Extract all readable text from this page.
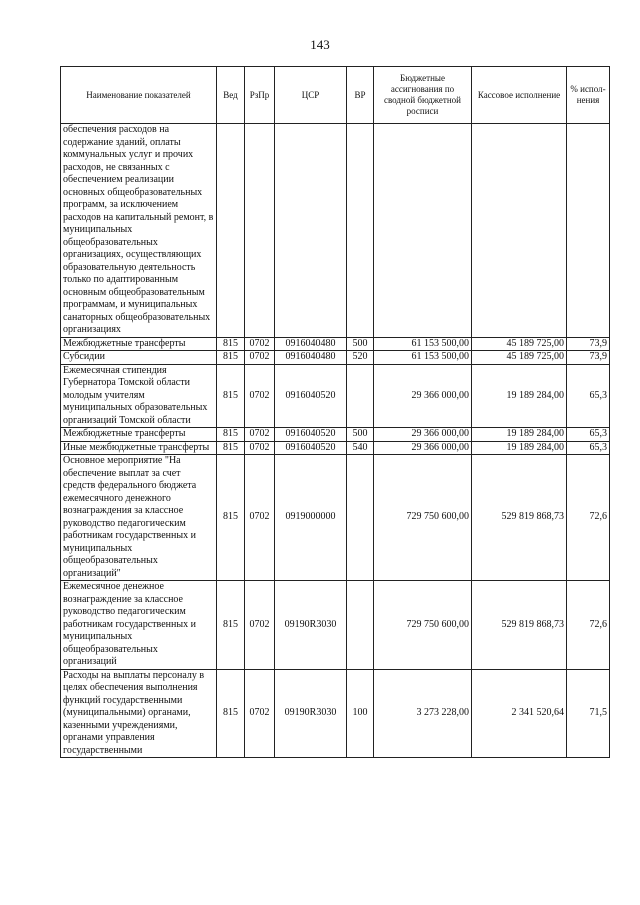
143
Наименование показателей	Вед	РзПр	ЦСР	ВР	Бюджетные ассигнования по сводной бюджетной росписи	Кассовое исполнение	% испол-нения
обеспечения расходов на содержание зданий, оплаты коммунальных услуг и прочих расходов, не связанных с обеспечением реализации основных общеобразовательных программ, за исключением расходов на капитальный ремонт, в муниципальных общеобразовательных организациях, осуществляющих образовательную деятельность только по адаптированным основным общеобразовательным программам, и муниципальных санаторных общеобразовательных организациях							
Межбюджетные трансферты	815	0702	0916040480	500	61 153 500,00	45 189 725,00	73,9
Субсидии	815	0702	0916040480	520	61 153 500,00	45 189 725,00	73,9
Ежемесячная стипендия Губернатора Томской области молодым учителям муниципальных образовательных организаций Томской области	815	0702	0916040520		29 366 000,00	19 189 284,00	65,3
Межбюджетные трансферты	815	0702	0916040520	500	29 366 000,00	19 189 284,00	65,3
Иные межбюджетные трансферты	815	0702	0916040520	540	29 366 000,00	19 189 284,00	65,3
Основное мероприятие "На обеспечение выплат за счет средств федерального бюджета ежемесячного денежного вознаграждения за классное руководство педагогическим работникам государственных и муниципальных общеобразовательных организаций"	815	0702	0919000000		729 750 600,00	529 819 868,73	72,6
Ежемесячное денежное вознаграждение за классное руководство педагогическим работникам государственных и муниципальных общеобразовательных организаций	815	0702	09190R3030		729 750 600,00	529 819 868,73	72,6
Расходы на выплаты персоналу в целях обеспечения выполнения функций государственными (муниципальными) органами, казенными учреждениями, органами управления государственными	815	0702	09190R3030	100	3 273 228,00	2 341 520,64	71,5
